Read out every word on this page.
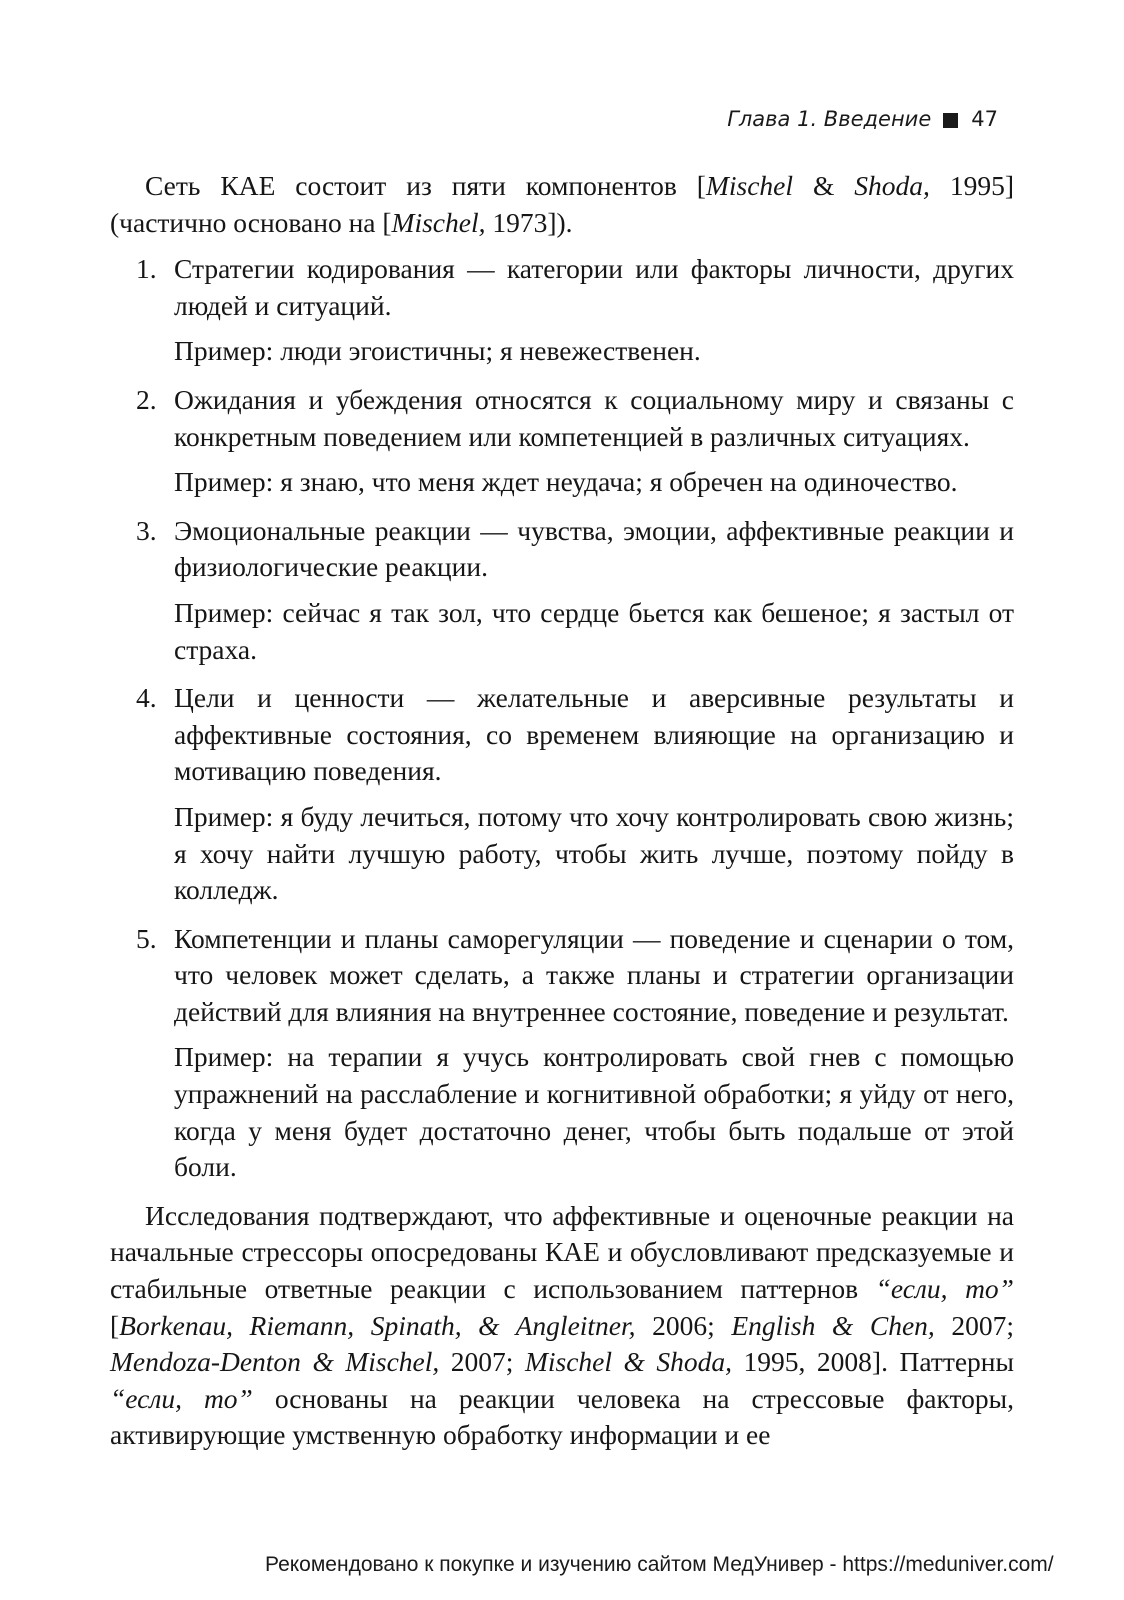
Глава 1. Введение 47

Сеть КАЕ состоит из пяти компонентов [Mischel & Shoda, 1995] (частично основано на [Mischel, 1973]).

1. Стратегии кодирования — категории или факторы личности, других людей и ситуаций.

Пример: люди эгоистичны; я невежественен.

2. Ожидания и убеждения относятся к социальному миру и связаны с конкретным поведением или компетенцией в различных ситуациях.

Пример: я знаю, что меня ждет неудача; я обречен на одиночество.

3. Эмоциональные реакции — чувства, эмоции, аффективные реакции и физиологические реакции.

Пример: сейчас я так зол, что сердце бьется как бешеное; я застыл от страха.

4. Цели и ценности — желательные и аверсивные результаты и аффективные состояния, со временем влияющие на организацию и мотивацию поведения.

Пример: я буду лечиться, потому что хочу контролировать свою жизнь; я хочу найти лучшую работу, чтобы жить лучше, поэтому пойду в колледж.

5. Компетенции и планы саморегуляции — поведение и сценарии о том, что человек может сделать, а также планы и стратегии организации действий для влияния на внутреннее состояние, поведение и результат.

Пример: на терапии я учусь контролировать свой гнев с помощью упражнений на расслабление и когнитивной обработки; я уйду от него, когда у меня будет достаточно денег, чтобы быть подальше от этой боли.

Исследования подтверждают, что аффективные и оценочные реакции на начальные стрессоры опосредованы КАЕ и обусловливают предсказуемые и стабильные ответные реакции с использованием паттернов “если, то” [Borkenau, Riemann, Spinath, & Angleitner, 2006; English & Chen, 2007; Mendoza-Denton & Mischel, 2007; Mischel & Shoda, 1995, 2008]. Паттерны “если, то” основаны на реакции человека на стрессовые факторы, активирующие умственную обработку информации и ее

Рекомендовано к покупке и изучению сайтом МедУнивер - https://meduniver.com/
